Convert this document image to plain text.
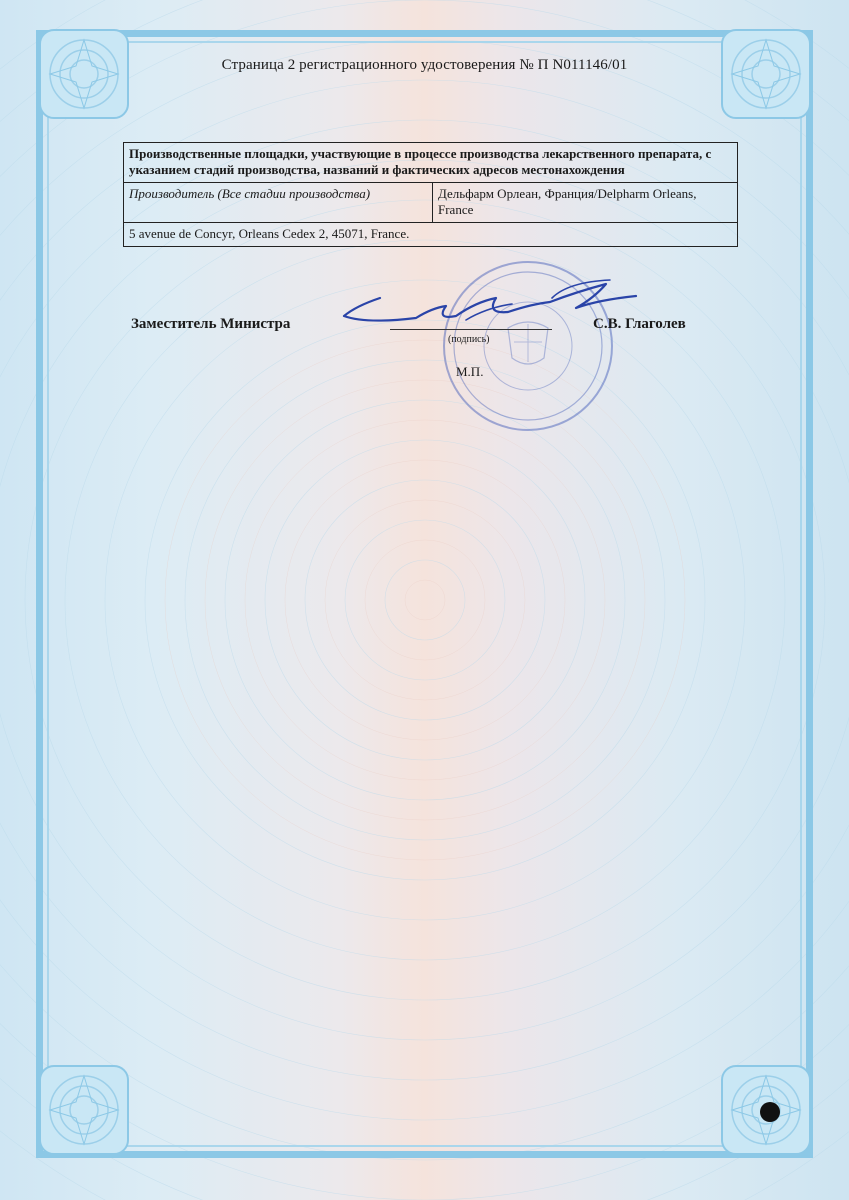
Страница 2 регистрационного удостоверения № П N011146/01
Производственные площадки, участвующие в процессе производства лекарственного препарата, с указанием стадий производства, названий и фактических адресов местонахождения
Производитель (Все стадии производства)	Дельфарм Орлеан, Франция/Delpharm Orleans, France
5 avenue de Concyr, Orleans Cedex 2, 45071, France.
Заместитель Министра
(подпись)
С.В. Глаголев
М.П.
